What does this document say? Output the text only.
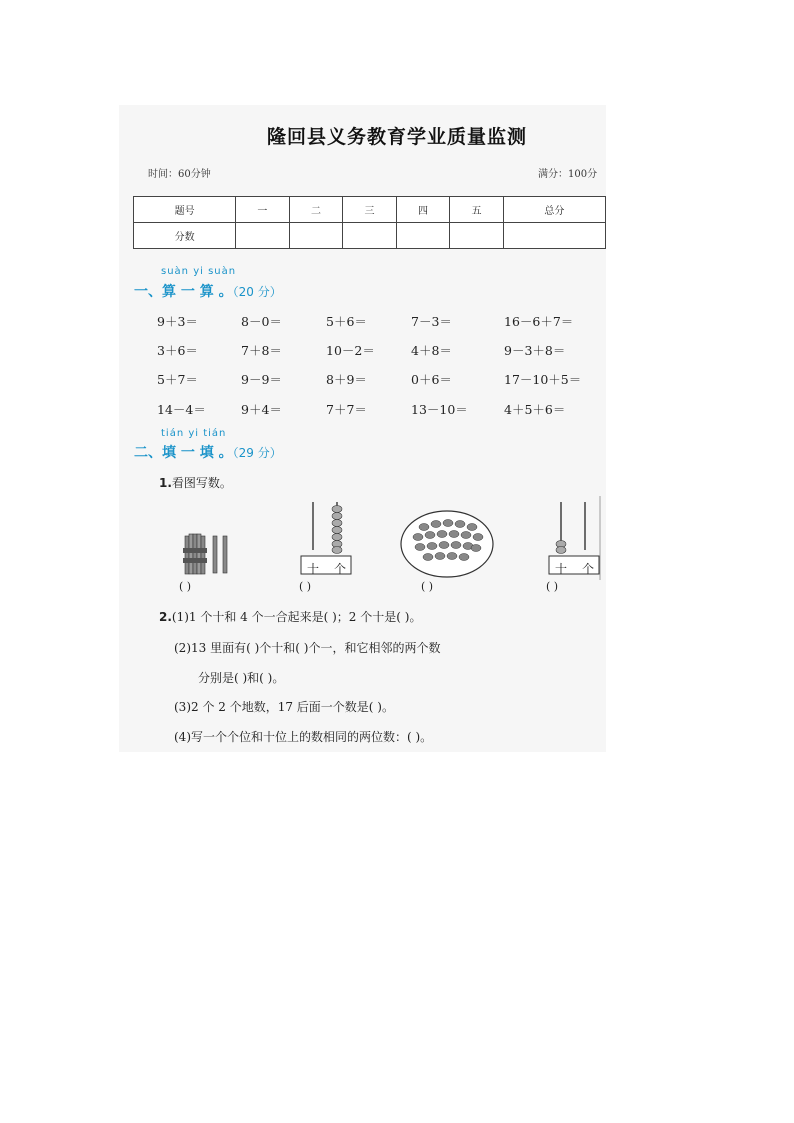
隆回县义务教育学业质量监测
时间：60分钟	满分：100分
题号	一	二	三	四	五	总分
分数						
suàn yi suàn
一、算 一 算 。（20 分）
9＋3＝	8－0＝	5＋6＝	7－3＝	16－6＋7＝
3＋6＝	7＋8＝	10－2＝	4＋8＝	9－3＋8＝
5＋7＝	9－9＝	8＋9＝	0＋6＝	17－10＋5＝
14－4＝	9＋4＝	7＋7＝	13－10＝	4＋5＋6＝
tián yi tián
二、填 一 填 。（29 分）
1.看图写数。
十 个	十 个
( )	( )	( )	( )
2.(1)1 个十和 4 个一合起来是( )；2 个十是( )。
(2)13 里面有( )个十和( )个一，和它相邻的两个数
分别是( )和( )。
(3)2 个 2 个地数，17 后面一个数是( )。
(4)写一个个位和十位上的数相同的两位数：( )。
